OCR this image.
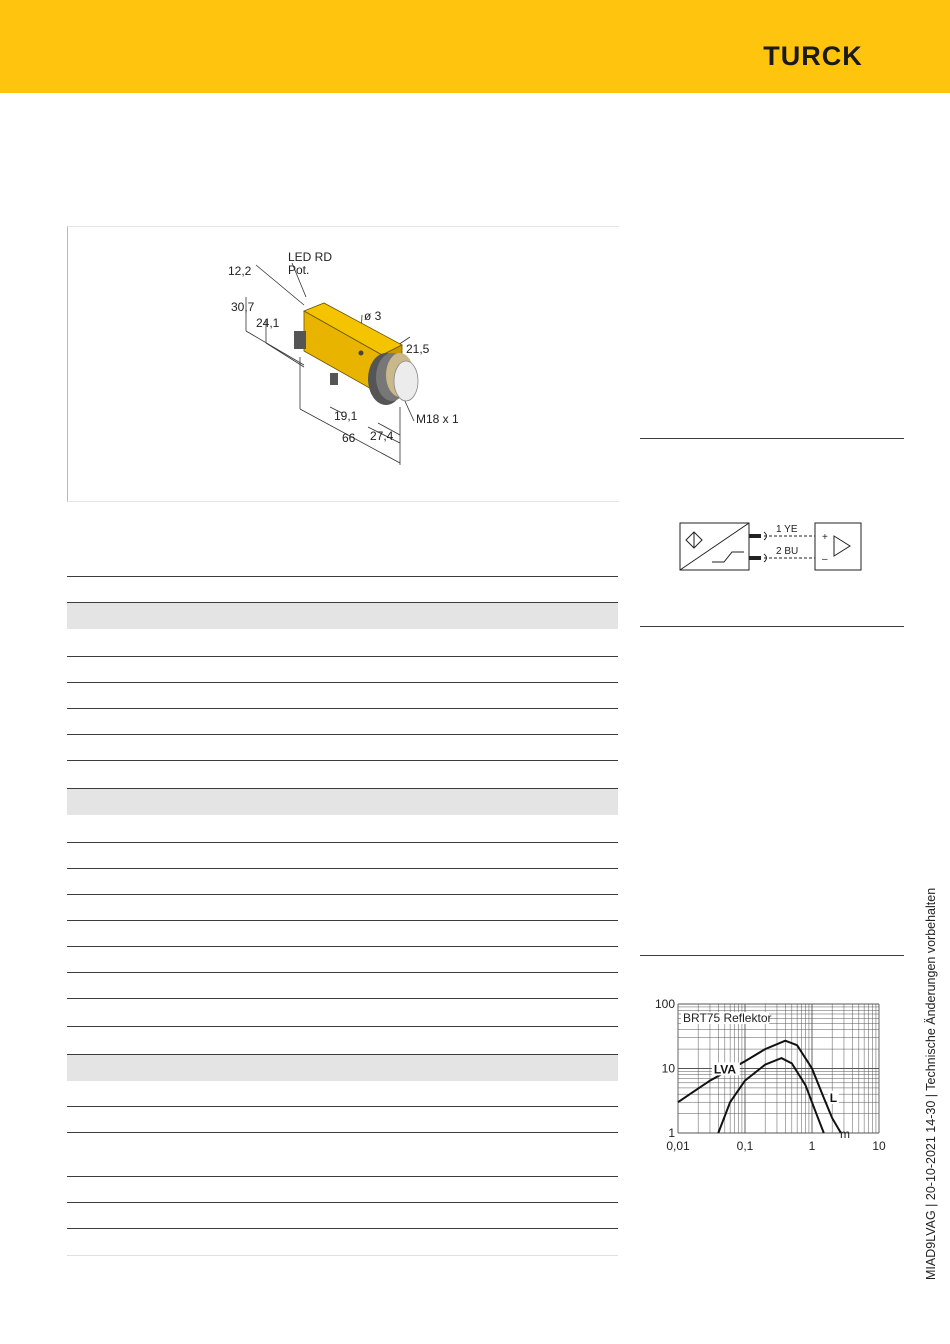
TURCK
LED RD
Pot.
12,2
30,7
24,1	ø 3
21,5
19,1
27,4
66
M18 x 1
1 YE
2 BU
+
–
L
LVA
0,01	0,1	1	10
100
10
1
BRT75 Reflektor
m	MIAD9LVAG | 20-10-2021 14-30 | Technische Änderungen vorbehalten
